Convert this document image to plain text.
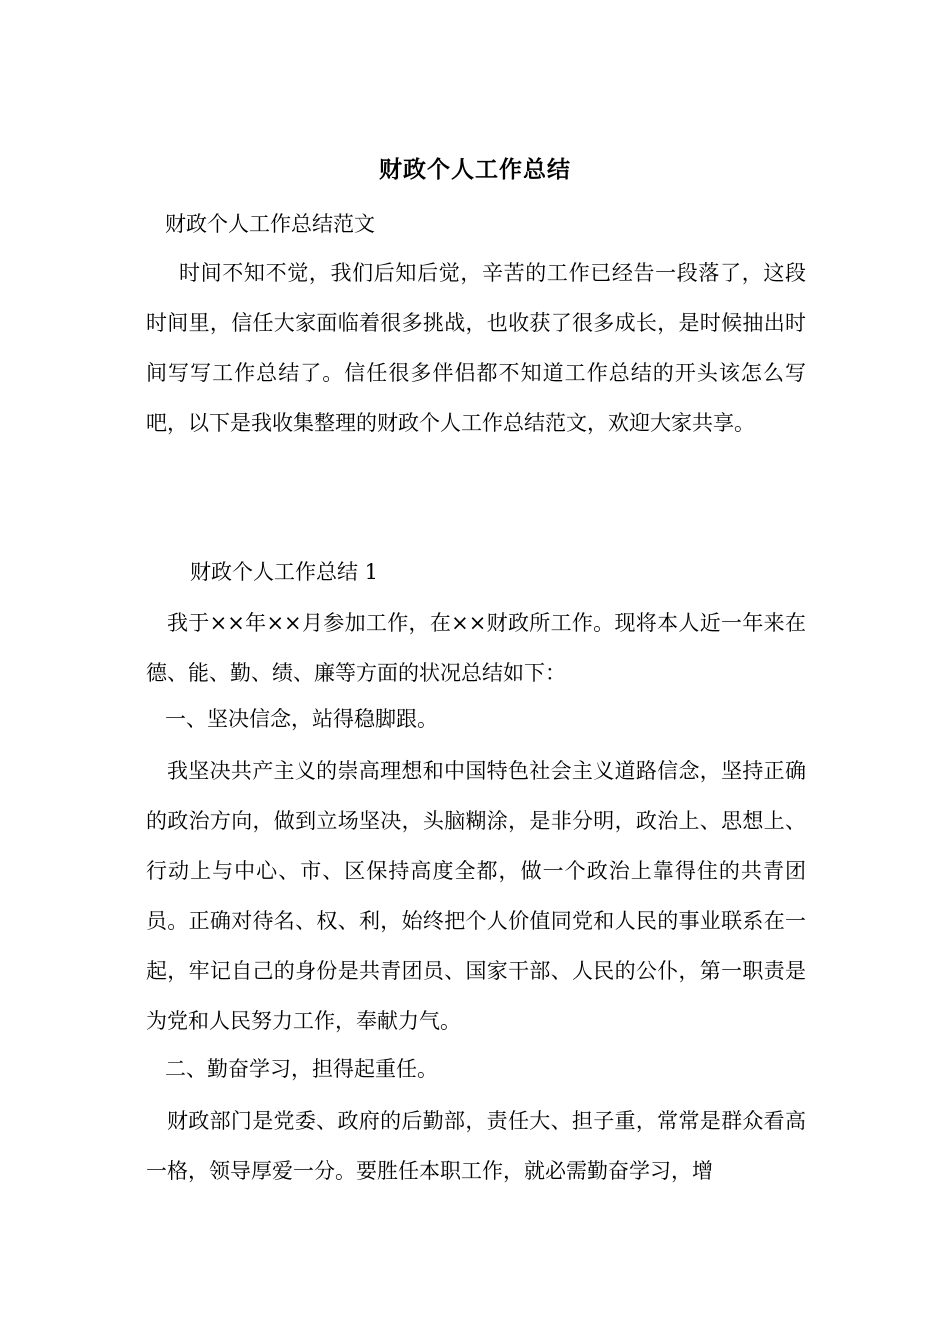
财政个人工作总结
财政个人工作总结范文
时间不知不觉，我们后知后觉，辛苦的工作已经告一段落了，这段时间里，信任大家面临着很多挑战，也收获了很多成长，是时候抽出时间写写工作总结了。信任很多伴侣都不知道工作总结的开头该怎么写吧，以下是我收集整理的财政个人工作总结范文，欢迎大家共享。
财政个人工作总结 1
我于××年××月参加工作，在××财政所工作。现将本人近一年来在德、能、勤、绩、廉等方面的状况总结如下：
一、坚决信念，站得稳脚跟。
我坚决共产主义的崇高理想和中国特色社会主义道路信念，坚持正确的政治方向，做到立场坚决，头脑糊涂，是非分明，政治上、思想上、行动上与中心、市、区保持高度全都，做一个政治上靠得住的共青团员。正确对待名、权、利，始终把个人价值同党和人民的事业联系在一起，牢记自己的身份是共青团员、国家干部、人民的公仆，第一职责是为党和人民努力工作，奉献力气。
二、勤奋学习，担得起重任。
财政部门是党委、政府的后勤部，责任大、担子重，常常是群众看高一格，领导厚爱一分。要胜任本职工作，就必需勤奋学习，增
